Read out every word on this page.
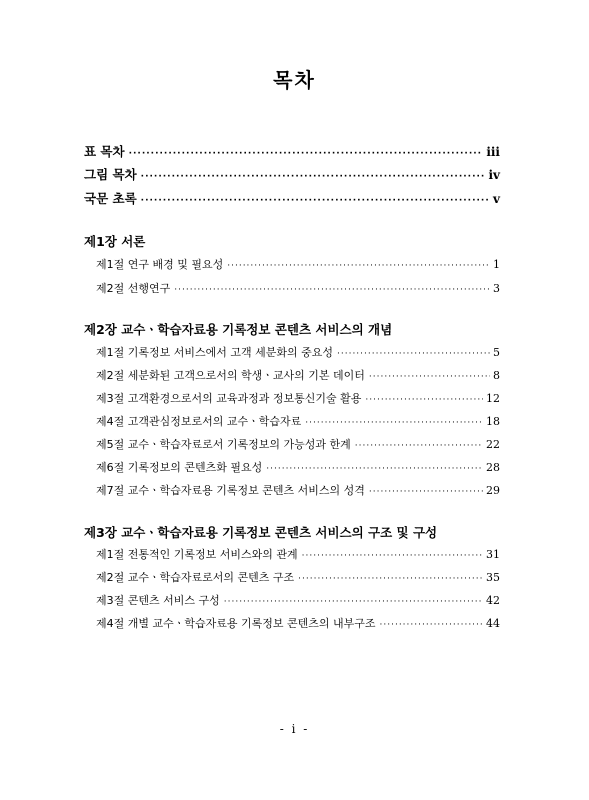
목차
표 목차 ·····	iii
그림 목차 ·····	iv
국문 초록 ·····	v
제1장 서론
제1절 연구 배경 및 필요성 ·····	1
제2절 선행연구 ·····	3
제2장 교수ㆍ학습자료용 기록정보 콘텐츠 서비스의 개념
제1절 기록정보 서비스에서 고객 세분화의 중요성 ·····	5
제2절 세분화된 고객으로서의 학생ㆍ교사의 기본 데이터 ·····	8
제3절 고객환경으로서의 교육과정과 정보통신기술 활용 ·····	12
제4절 고객관심정보로서의 교수ㆍ학습자료 ·····	18
제5절 교수ㆍ학습자료로서 기록정보의 가능성과 한계 ·····	22
제6절 기록정보의 콘텐츠화 필요성 ·····	28
제7절 교수ㆍ학습자료용 기록정보 콘텐츠 서비스의 성격 ·····	29
제3장 교수ㆍ학습자료용 기록정보 콘텐츠 서비스의 구조 및 구성
제1절 전통적인 기록정보 서비스와의 관계 ·····	31
제2절 교수ㆍ학습자료로서의 콘텐츠 구조 ·····	35
제3절 콘텐츠 서비스 구성 ·····	42
제4절 개별 교수ㆍ학습자료용 기록정보 콘텐츠의 내부구조 ·····	44
- i -
